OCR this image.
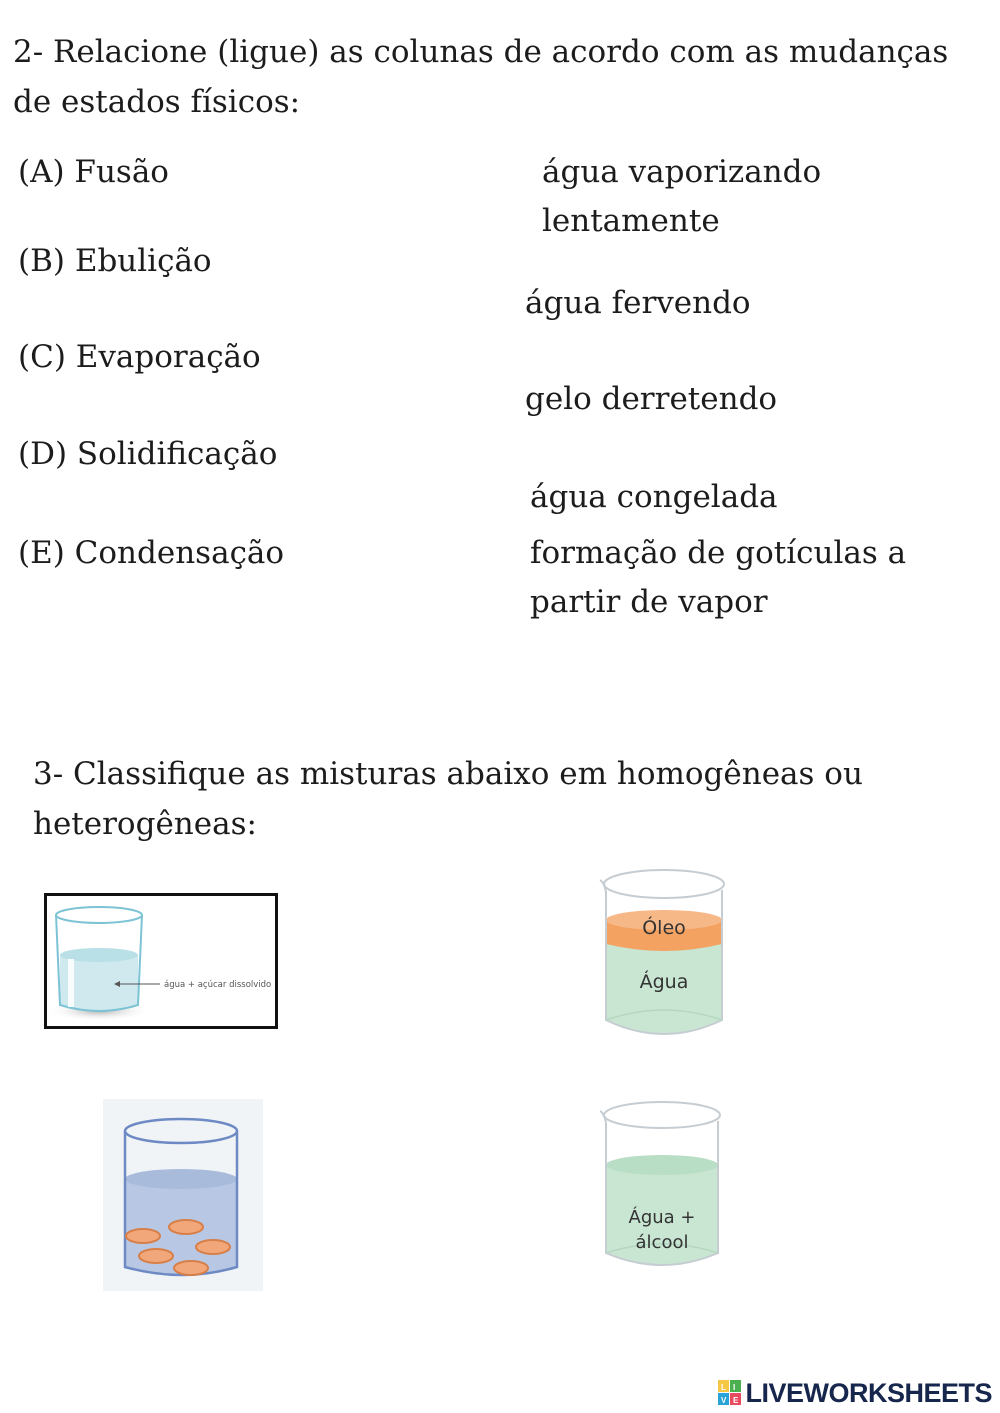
2- Relacione (ligue) as colunas de acordo com as mudanças
de estados físicos:
(A) Fusão
(B) Ebulição
(C) Evaporação
(D) Solidificação
(E) Condensação
água vaporizando
lentamente
água fervendo
gelo derretendo
água congelada
formação de gotículas a
partir de vapor
3- Classifique as misturas abaixo em homogêneas ou
heterogêneas:
água + açúcar dissolvido
Óleo
Água
Água +
álcool
L I
V E LIVEWORKSHEETS
